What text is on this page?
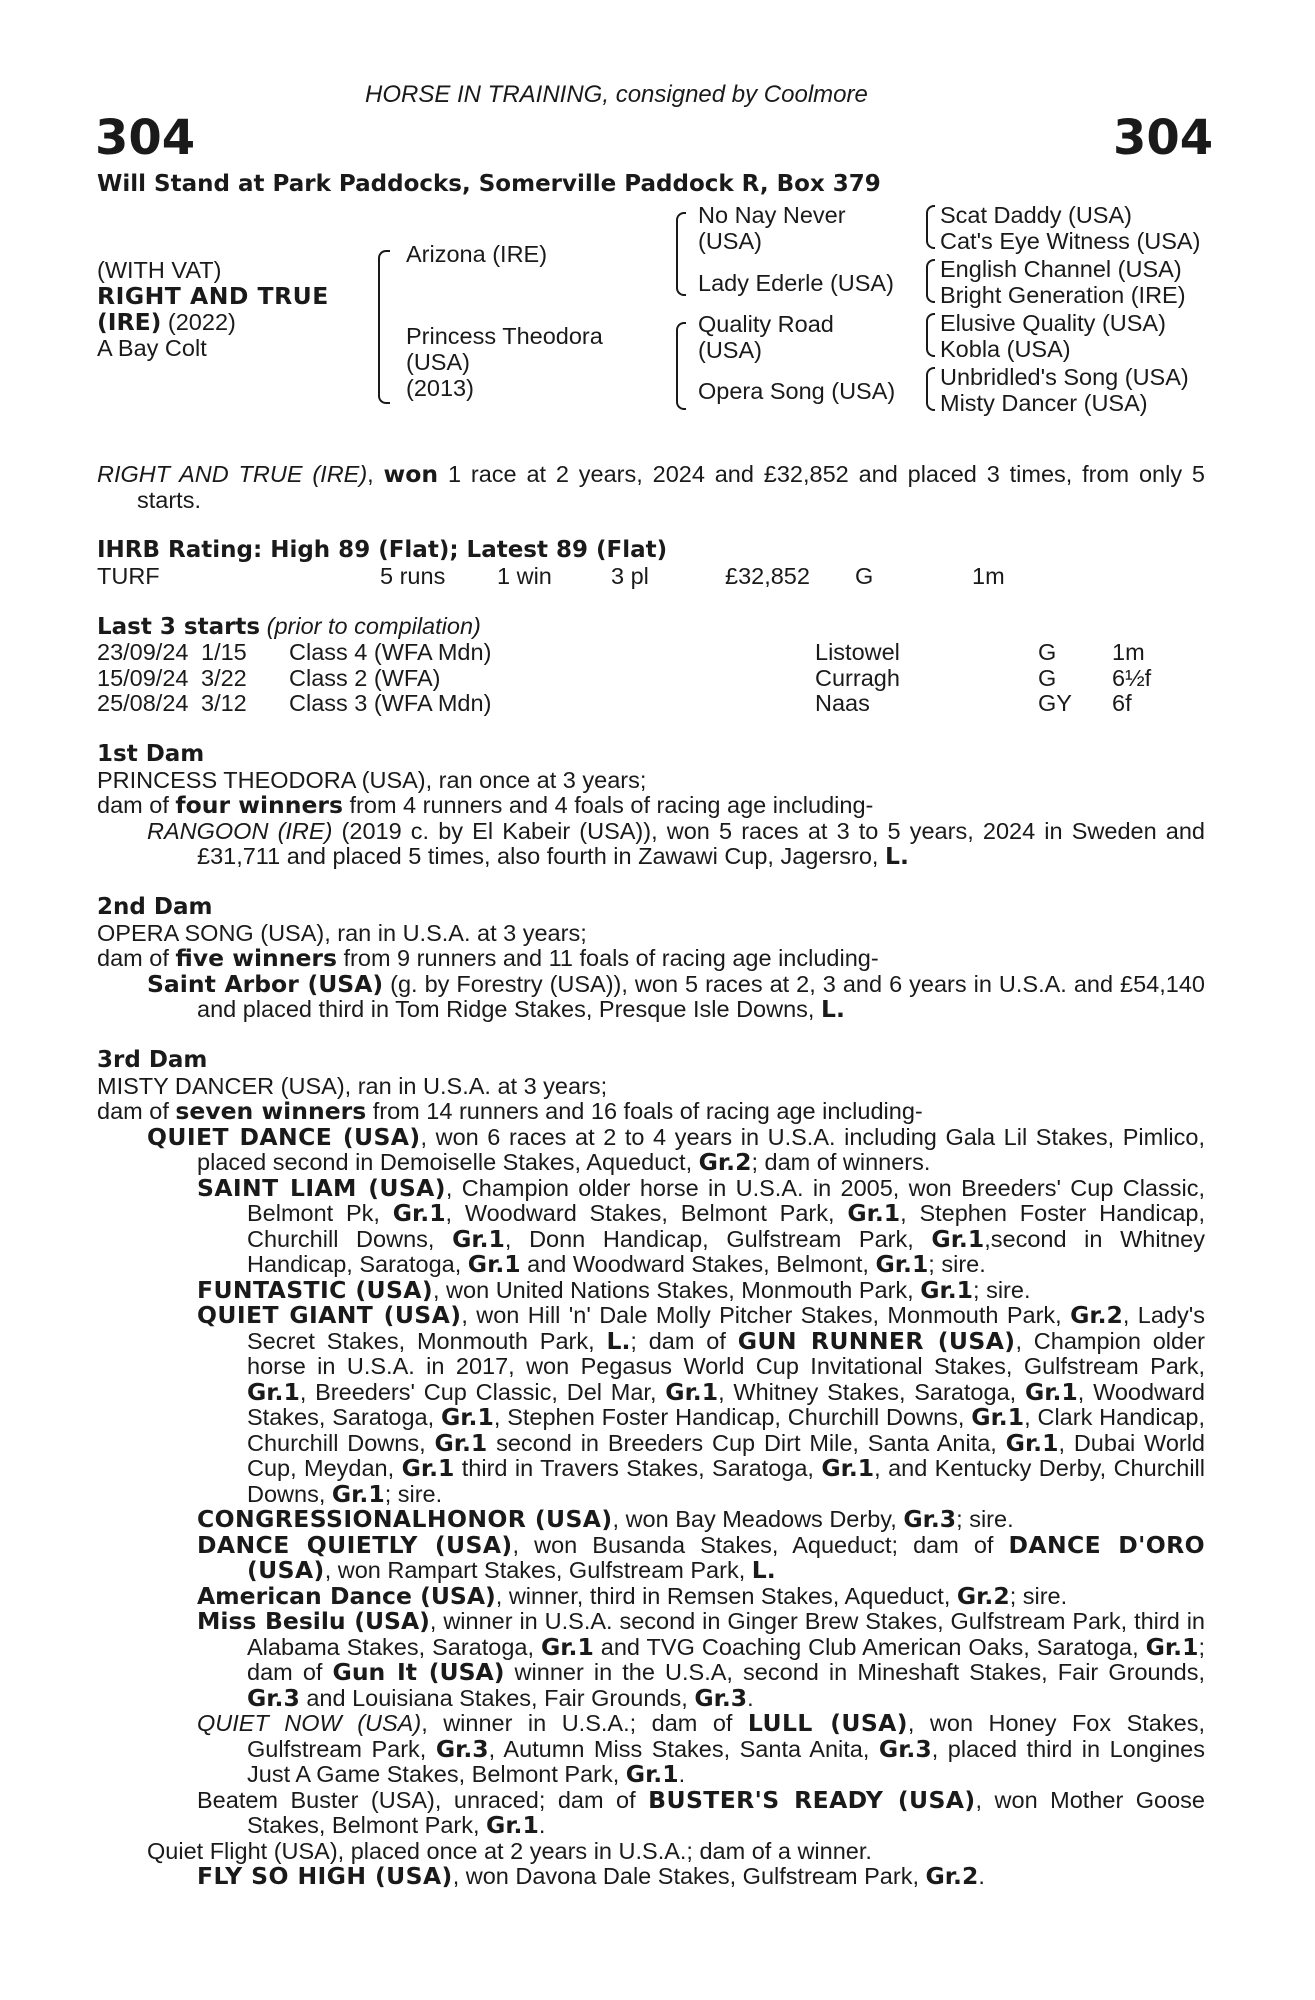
HORSE IN TRAINING, consigned by Coolmore
304	304
Will Stand at Park Paddocks, Somerville Paddock R, Box 379
(WITH VAT)
RIGHT AND TRUE
(IRE) (2022)
A Bay Colt
Arizona (IRE)
Princess Theodora
(USA)
(2013)
No Nay Never
(USA)
Lady Ederle (USA)
Quality Road
(USA)
Opera Song (USA)
Scat Daddy (USA)
Cat's Eye Witness (USA)
English Channel (USA)
Bright Generation (IRE)
Elusive Quality (USA)
Kobla (USA)
Unbridled's Song (USA)
Misty Dancer (USA)

RIGHT AND TRUE (IRE), won 1 race at 2 years, 2024 and £32,852 and placed 3 times, from only 5 starts.

IHRB Rating: High 89 (Flat); Latest 89 (Flat)
TURF	5 runs 1 win	3 pl	£32,852 G	1m
Last 3 starts (prior to compilation)
23/09/24 1/15 Class 4 (WFA Mdn)	Listowel	G 1m
15/09/24 3/22 Class 2 (WFA)	Curragh	G 6½f
25/08/24 3/12 Class 3 (WFA Mdn)	Naas	GY 6f

1st Dam

PRINCESS THEODORA (USA), ran once at 3 years;

dam of four winners from 4 runners and 4 foals of racing age including-

RANGOON (IRE) (2019 c. by El Kabeir (USA)), won 5 races at 3 to 5 years, 2024 in Sweden and £31,711 and placed 5 times, also fourth in Zawawi Cup, Jagersro, L.

2nd Dam

OPERA SONG (USA), ran in U.S.A. at 3 years;

dam of five winners from 9 runners and 11 foals of racing age including-

Saint Arbor (USA) (g. by Forestry (USA)), won 5 races at 2, 3 and 6 years in U.S.A. and £54,140 and placed third in Tom Ridge Stakes, Presque Isle Downs, L.

3rd Dam

MISTY DANCER (USA), ran in U.S.A. at 3 years;

dam of seven winners from 14 runners and 16 foals of racing age including-

QUIET DANCE (USA), won 6 races at 2 to 4 years in U.S.A. including Gala Lil Stakes, Pimlico, placed second in Demoiselle Stakes, Aqueduct, Gr.2; dam of winners.

SAINT LIAM (USA), Champion older horse in U.S.A. in 2005, won Breeders' Cup Classic, Belmont Pk, Gr.1, Woodward Stakes, Belmont Park, Gr.1, Stephen Foster Handicap, Churchill Downs, Gr.1, Donn Handicap, Gulfstream Park, Gr.1,second in Whitney Handicap, Saratoga, Gr.1 and Woodward Stakes, Belmont, Gr.1; sire.

FUNTASTIC (USA), won United Nations Stakes, Monmouth Park, Gr.1; sire.

QUIET GIANT (USA), won Hill 'n' Dale Molly Pitcher Stakes, Monmouth Park, Gr.2, Lady's Secret Stakes, Monmouth Park, L.; dam of GUN RUNNER (USA), Champion older horse in U.S.A. in 2017, won Pegasus World Cup Invitational Stakes, Gulfstream Park, Gr.1, Breeders' Cup Classic, Del Mar, Gr.1, Whitney Stakes, Saratoga, Gr.1, Woodward Stakes, Saratoga, Gr.1, Stephen Foster Handicap, Churchill Downs, Gr.1, Clark Handicap, Churchill Downs, Gr.1 second in Breeders Cup Dirt Mile, Santa Anita, Gr.1, Dubai World Cup, Meydan, Gr.1 third in Travers Stakes, Saratoga, Gr.1, and Kentucky Derby, Churchill Downs, Gr.1; sire.

CONGRESSIONALHONOR (USA), won Bay Meadows Derby, Gr.3; sire.

DANCE QUIETLY (USA), won Busanda Stakes, Aqueduct; dam of DANCE D'ORO (USA), won Rampart Stakes, Gulfstream Park, L.

American Dance (USA), winner, third in Remsen Stakes, Aqueduct, Gr.2; sire.

Miss Besilu (USA), winner in U.S.A. second in Ginger Brew Stakes, Gulfstream Park, third in Alabama Stakes, Saratoga, Gr.1 and TVG Coaching Club American Oaks, Saratoga, Gr.1; dam of Gun It (USA) winner in the U.S.A, second in Mineshaft Stakes, Fair Grounds, Gr.3 and Louisiana Stakes, Fair Grounds, Gr.3.

QUIET NOW (USA), winner in U.S.A.; dam of LULL (USA), won Honey Fox Stakes, Gulfstream Park, Gr.3, Autumn Miss Stakes, Santa Anita, Gr.3, placed third in Longines Just A Game Stakes, Belmont Park, Gr.1.

Beatem Buster (USA), unraced; dam of BUSTER'S READY (USA), won Mother Goose Stakes, Belmont Park, Gr.1.

Quiet Flight (USA), placed once at 2 years in U.S.A.; dam of a winner.

FLY SO HIGH (USA), won Davona Dale Stakes, Gulfstream Park, Gr.2.
